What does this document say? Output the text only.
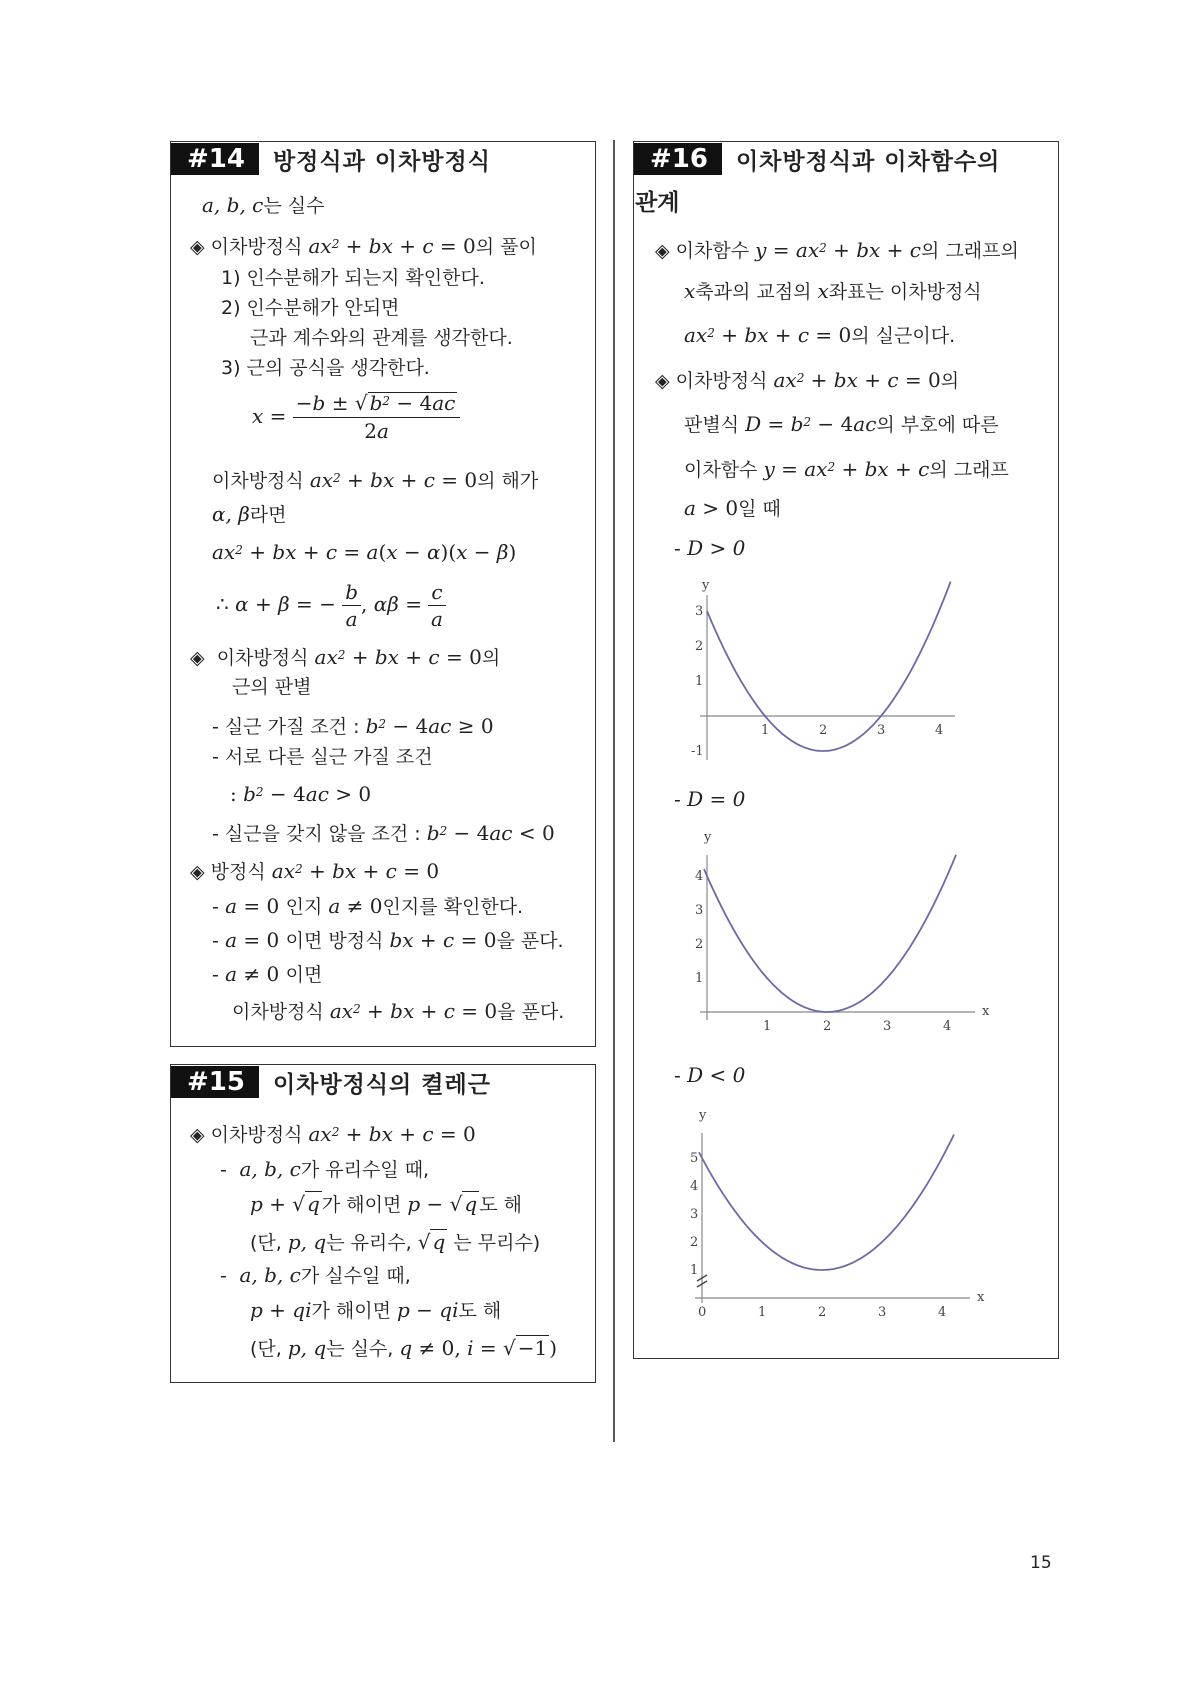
#14	방정식과 이차방정식
a, b, c는 실수
◈ 이차방정식 $ax^2$ + bx + c = 0의 풀이
1) 인수분해가 되는지 확인한다.
2) 인수분해가 안되면
근과 계수와의 관계를 생각한다.
3) 근의 공식을 생각한다.
$x = \frac{-b \pm √ b^2 - 4ac}{2a}$
이차방정식 $ax^2$ + bx + c = 0의 해가
α, β라면
$ax^2$ + bx + c = a(x − α)(x − β)
∴ α + β = − $\frac{b}{a}$ , $\alpha\beta = \frac{c}{a}$
◈  이차방정식 $ax^2$ + bx + c = 0의
근의 판별
- 실근 가질 조건 : $b^2 - 4ac \ge 0$
- 서로 다른 실근 가질 조건
: $b^2 - 4ac > 0$
- 실근을 갖지 않을 조건 : $b^2 - 4ac < 0$
◈ 방정식 $ax^2$ + bx + c = 0
- a = 0 인지 a ≠ 0인지를 확인한다.
- a = 0 이면 방정식 bx + c = 0을 푼다.
- a ≠ 0 이면
이차방정식 $ax^2$ + bx + c = 0을 푼다.
#15	이차방정식의 켤레근
◈ 이차방정식 $ax^2$ + bx + c = 0
-  a, b, c가 유리수일 때,
p + √ q 가 해이면 p − √ q 도 해
(단, p, q는 유리수, √ q 는 무리수)
-  a, b, c가 실수일 때,
p + qi가 해이면 p − qi도 해
(단, p, q는 실수, q ≠ 0, i = √ −1 )
#16	이차방정식과 이차함수의
관계
◈ 이차함수 $y = ax^2$ + bx + c의 그래프의
x축과의 교점의 x좌표는 이차방정식
$ax^2$ + bx + c = 0의 실근이다.
◈ 이차방정식 $ax^2$ + bx + c = 0의
판별식 $D = b^2 - 4ac$의 부호에 따른
이차함수 $y = ax^2$ + bx + c의 그래프
a > 0일 때
- D > 0
- D = 0
- D < 0
y
1	2	3	4
-1
1
2
3
y
x
1	2	3	4
1
2
3
4
y
x
0	1	2	3	4
1
2
3
4
5
15
